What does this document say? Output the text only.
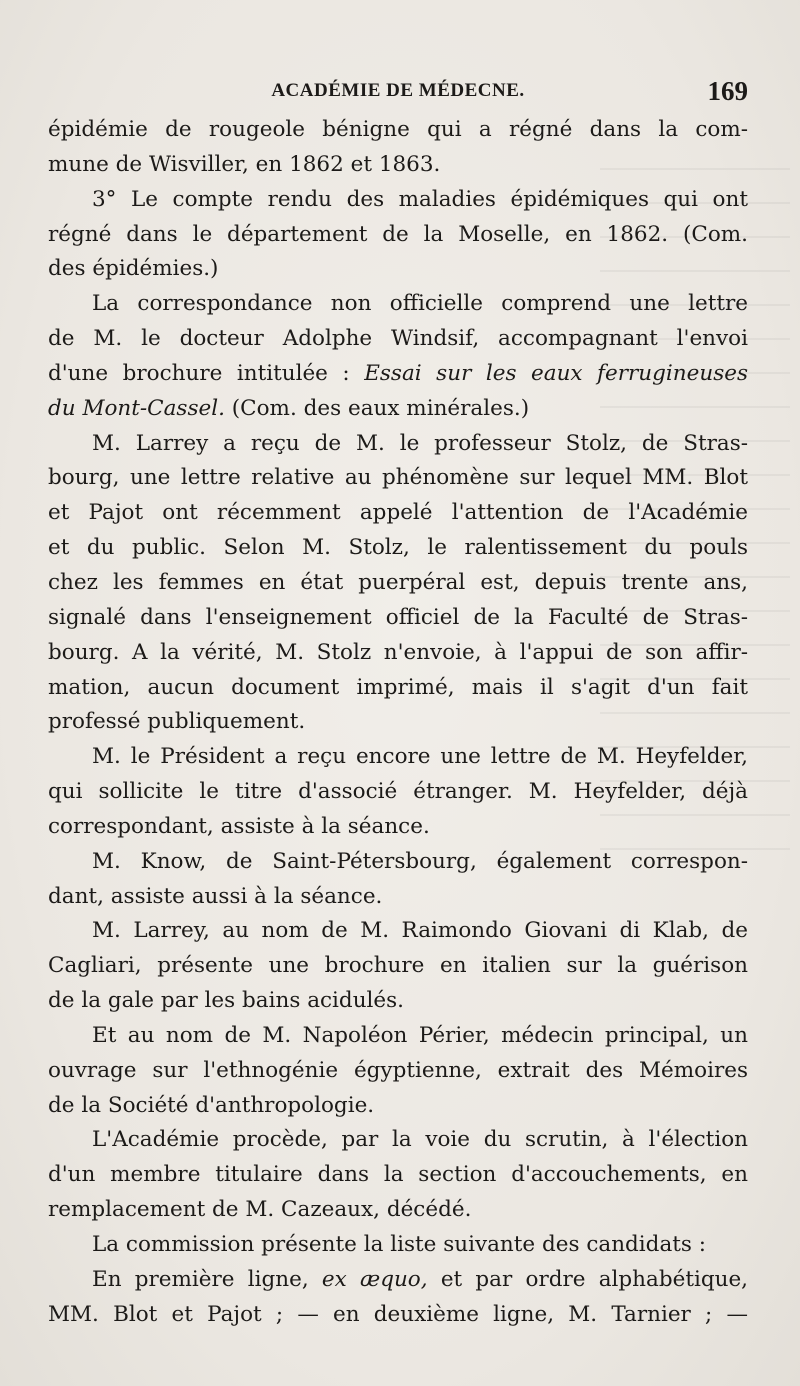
ACADÉMIE DE MÉDECNE.	169
épidémie de rougeole bénigne qui a régné dans la com-
mune de Wisviller, en 1862 et 1863.
3° Le compte rendu des maladies épidémiques qui ont
régné dans le département de la Moselle, en 1862. (Com.
des épidémies.)
La correspondance non officielle comprend une lettre
de M. le docteur Adolphe Windsif, accompagnant l'envoi
d'une brochure intitulée : Essai sur les eaux ferrugineuses
du Mont-Cassel. (Com. des eaux minérales.)
M. Larrey a reçu de M. le professeur Stolz, de Stras-
bourg, une lettre relative au phénomène sur lequel MM. Blot
et Pajot ont récemment appelé l'attention de l'Académie
et du public. Selon M. Stolz, le ralentissement du pouls
chez les femmes en état puerpéral est, depuis trente ans,
signalé dans l'enseignement officiel de la Faculté de Stras-
bourg. A la vérité, M. Stolz n'envoie, à l'appui de son affir-
mation, aucun document imprimé, mais il s'agit d'un fait
professé publiquement.
M. le Président a reçu encore une lettre de M. Heyfelder,
qui sollicite le titre d'associé étranger. M. Heyfelder, déjà
correspondant, assiste à la séance.
M. Know, de Saint-Pétersbourg, également correspon-
dant, assiste aussi à la séance.
M. Larrey, au nom de M. Raimondo Giovani di Klab, de
Cagliari, présente une brochure en italien sur la guérison
de la gale par les bains acidulés.
Et au nom de M. Napoléon Périer, médecin principal, un
ouvrage sur l'ethnogénie égyptienne, extrait des Mémoires
de la Société d'anthropologie.
L'Académie procède, par la voie du scrutin, à l'élection
d'un membre titulaire dans la section d'accouchements, en
remplacement de M. Cazeaux, décédé.
La commission présente la liste suivante des candidats :
En première ligne, ex æquo, et par ordre alphabétique,
MM. Blot et Pajot ; — en deuxième ligne, M. Tarnier ; —
